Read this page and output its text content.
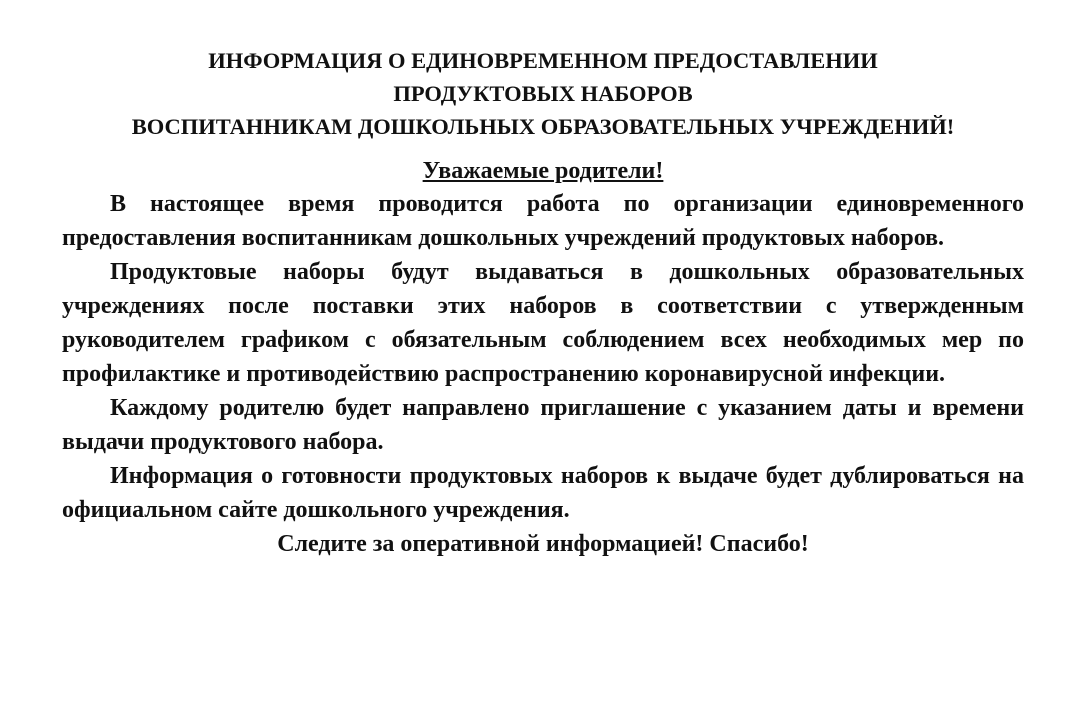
ИНФОРМАЦИЯ О ЕДИНОВРЕМЕННОМ ПРЕДОСТАВЛЕНИИ
ПРОДУКТОВЫХ НАБОРОВ
ВОСПИТАННИКАМ ДОШКОЛЬНЫХ ОБРАЗОВАТЕЛЬНЫХ УЧРЕЖДЕНИЙ!

Уважаемые родители!

В настоящее время проводится работа по организации единовременного предоставления воспитанникам дошкольных учреждений продуктовых наборов.

Продуктовые наборы будут выдаваться в дошкольных образовательных учреждениях после поставки этих наборов в соответствии с утвержденным руководителем графиком с обязательным соблюдением всех необходимых мер по профилактике и противодействию распространению коронавирусной инфекции.

Каждому родителю будет направлено приглашение с указанием даты и времени выдачи продуктового набора.

Информация о готовности продуктовых наборов к выдаче будет дублироваться на официальном сайте дошкольного учреждения.

Следите за оперативной информацией! Спасибо!
